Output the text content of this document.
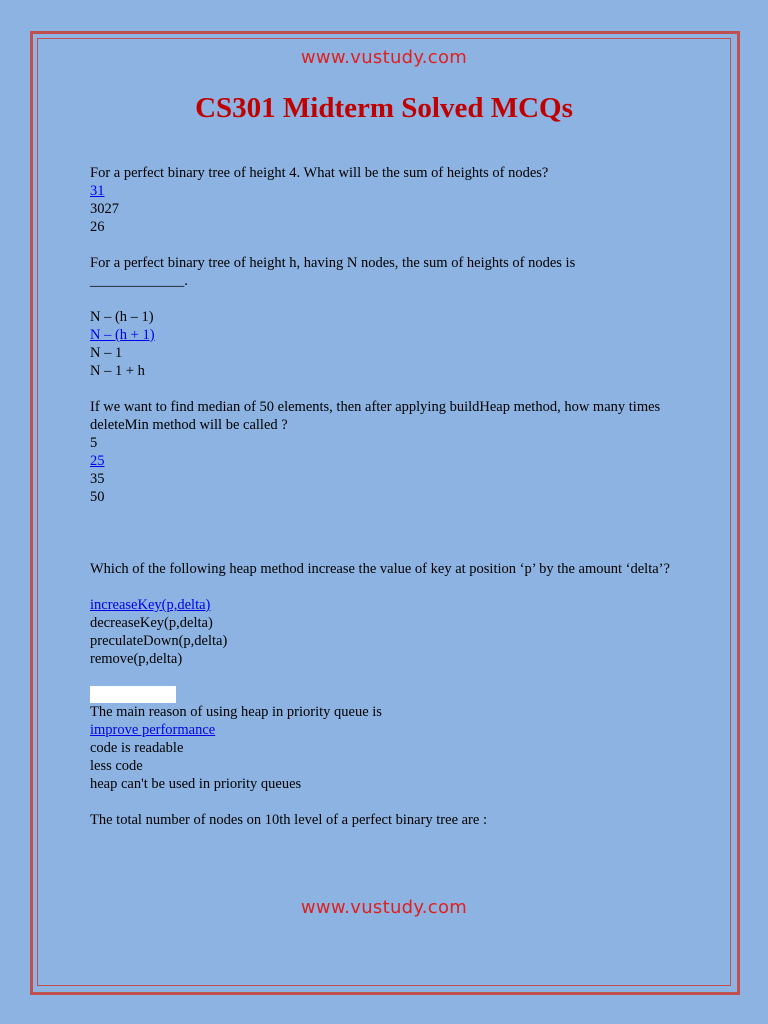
www.vustudy.com
CS301 Midterm Solved MCQs
For a perfect binary tree of height 4. What will be the sum of heights of nodes?
31
3027
26
For a perfect binary tree of height h, having N nodes, the sum of heights of nodes is _____________.
N – (h – 1)
N – (h + 1)
N – 1
N – 1 + h
If we want to find median of 50 elements, then after applying buildHeap method, how many times deleteMin method will be called ?
5
25
35
50
Which of the following heap method increase the value of key at position ‘p’ by the amount ‘delta’?
increaseKey(p,delta)
decreaseKey(p,delta)
preculateDown(p,delta)
remove(p,delta)
The main reason of using heap in priority queue is
improve performance
code is readable
less code
heap can't be used in priority queues
The total number of nodes on 10th level of a perfect binary tree are :
www.vustudy.com
